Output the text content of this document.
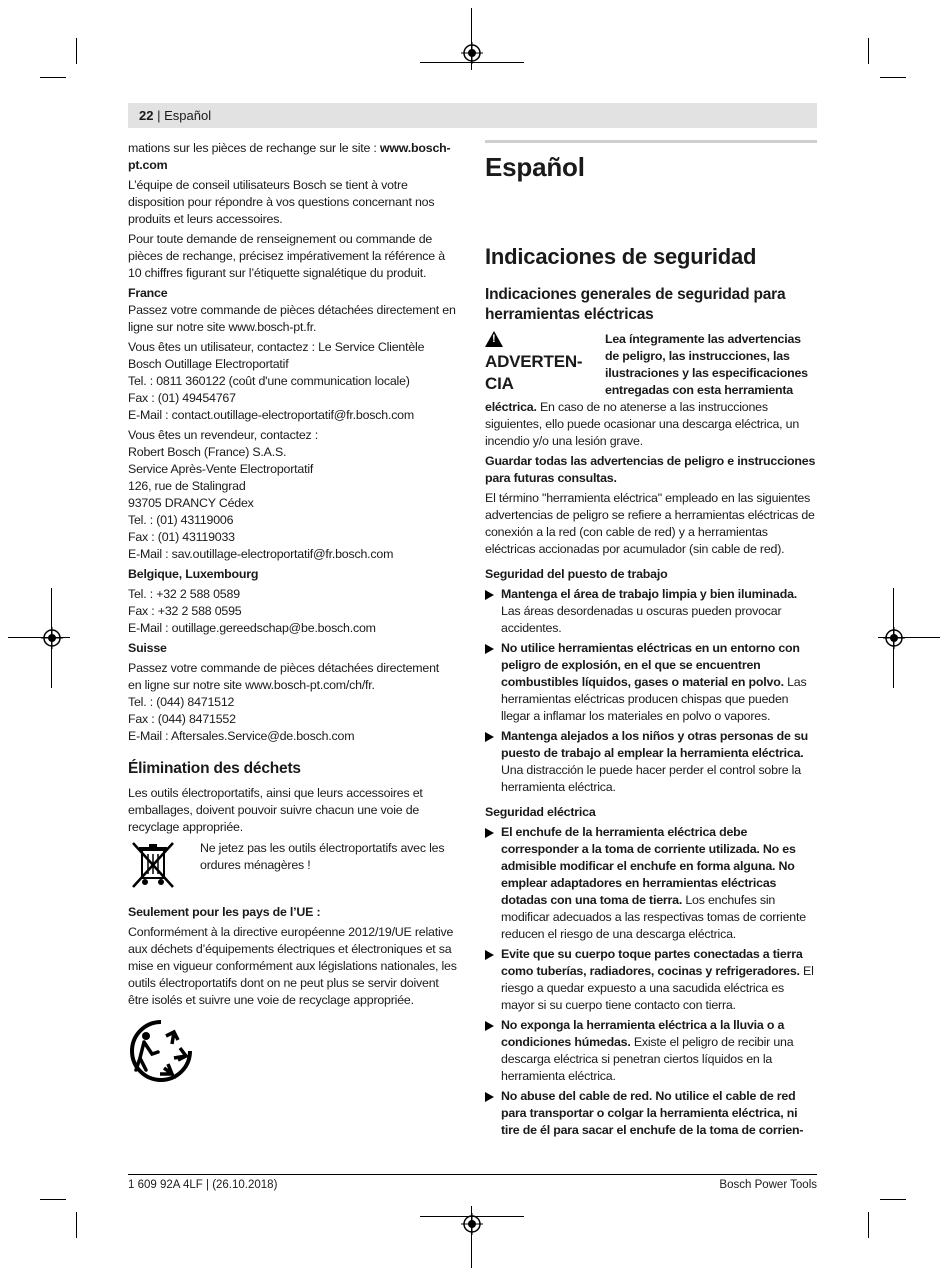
22 | Español

mations sur les pièces de rechange sur le site : www.bosch-pt.com

L’équipe de conseil utilisateurs Bosch se tient à votre disposition pour répondre à vos questions concernant nos produits et leurs accessoires.

Pour toute demande de renseignement ou commande de pièces de rechange, précisez impérativement la référence à 10 chiffres figurant sur l’étiquette signalétique du produit.

France

Passez votre commande de pièces détachées directement en ligne sur notre site www.bosch-pt.fr.

Vous êtes un utilisateur, contactez : Le Service Clientèle
Bosch Outillage Electroportatif
Tel. : 0811 360122 (coût d'une communication locale)
Fax : (01) 49454767
E-Mail : contact.outillage-electroportatif@fr.bosch.com
Vous êtes un revendeur, contactez :
Robert Bosch (France) S.A.S.
Service Après-Vente Electroportatif
126, rue de Stalingrad
93705 DRANCY Cédex
Tel. : (01) 43119006
Fax : (01) 43119033
E-Mail : sav.outillage-electroportatif@fr.bosch.com
Belgique, Luxembourg
Tel. : +32 2 588 0589
Fax : +32 2 588 0595
E-Mail : outillage.gereedschap@be.bosch.com
Suisse
Passez votre commande de pièces détachées directement
en ligne sur notre site www.bosch-pt.com/ch/fr.
Tel. : (044) 8471512
Fax : (044) 8471552
E-Mail : Aftersales.Service@de.bosch.com
Élimination des déchets

Les outils électroportatifs, ainsi que leurs accessoires et emballages, doivent pouvoir suivre chacun une voie de recyclage appropriée.

Ne jetez pas les outils électroportatifs avec les ordures ménagères !
Seulement pour les pays de l’UE :

Conformément à la directive européenne 2012/19/UE relative aux déchets d’équipements électriques et électroniques et sa mise en vigueur conformément aux législations nationales, les outils électroportatifs dont on ne peut plus se servir doivent être isolés et suivre une voie de recyclage appropriée.

Español
Indicaciones de seguridad
Indicaciones generales de seguridad para herramientas eléctricas
!
ADVERTEN-CIA

Lea íntegramente las advertencias de peligro, las instrucciones, las ilustraciones y las especificaciones entregadas con esta herramienta eléctrica. En caso de no atenerse a las instrucciones siguientes, ello puede ocasionar una descarga eléctrica, un incendio y/o una lesión grave.

Guardar todas las advertencias de peligro e instrucciones para futuras consultas.

El término "herramienta eléctrica" empleado en las siguientes advertencias de peligro se refiere a herramientas eléctricas de conexión a la red (con cable de red) y a herramientas eléctricas accionadas por acumulador (sin cable de red).

Seguridad del puesto de trabajo
Mantenga el área de trabajo limpia y bien iluminada. Las áreas desordenadas u oscuras pueden provocar accidentes.
No utilice herramientas eléctricas en un entorno con peligro de explosión, en el que se encuentren combustibles líquidos, gases o material en polvo. Las herramientas eléctricas producen chispas que pueden llegar a inflamar los materiales en polvo o vapores.
Mantenga alejados a los niños y otras personas de su puesto de trabajo al emplear la herramienta eléctrica. Una distracción le puede hacer perder el control sobre la herramienta eléctrica.
Seguridad eléctrica
El enchufe de la herramienta eléctrica debe corresponder a la toma de corriente utilizada. No es admisible modificar el enchufe en forma alguna. No emplear adaptadores en herramientas eléctricas dotadas con una toma de tierra. Los enchufes sin modificar adecuados a las respectivas tomas de corriente reducen el riesgo de una descarga eléctrica.
Evite que su cuerpo toque partes conectadas a tierra como tuberías, radiadores, cocinas y refrigeradores. El riesgo a quedar expuesto a una sacudida eléctrica es mayor si su cuerpo tiene contacto con tierra.
No exponga la herramienta eléctrica a la lluvia o a condiciones húmedas. Existe el peligro de recibir una descarga eléctrica si penetran ciertos líquidos en la herramienta eléctrica.
No abuse del cable de red. No utilice el cable de red para transportar o colgar la herramienta eléctrica, ni tire de él para sacar el enchufe de la toma de corrien-
1 609 92A 4LF | (26.10.2018)	Bosch Power Tools
